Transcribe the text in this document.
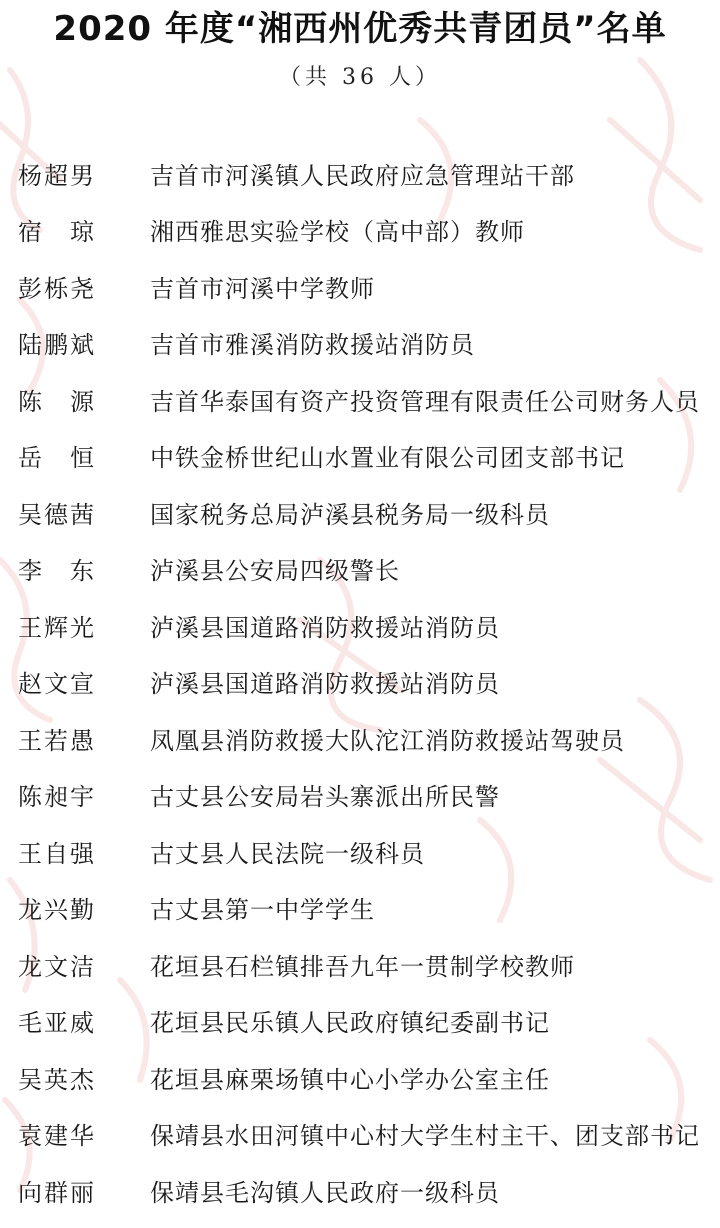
2020 年度“湘西州优秀共青团员”名单
（共 36 人）
杨超男	吉首市河溪镇人民政府应急管理站干部
宿　琼	湘西雅思实验学校（高中部）教师
彭栎尧	吉首市河溪中学教师
陆鹏斌	吉首市雅溪消防救援站消防员
陈　源	吉首华泰国有资产投资管理有限责任公司财务人员
岳　恒	中铁金桥世纪山水置业有限公司团支部书记
吴德茜	国家税务总局泸溪县税务局一级科员
李　东	泸溪县公安局四级警长
王辉光	泸溪县国道路消防救援站消防员
赵文宣	泸溪县国道路消防救援站消防员
王若愚	凤凰县消防救援大队沱江消防救援站驾驶员
陈昶宇	古丈县公安局岩头寨派出所民警
王自强	古丈县人民法院一级科员
龙兴勤	古丈县第一中学学生
龙文洁	花垣县石栏镇排吾九年一贯制学校教师
毛亚威	花垣县民乐镇人民政府镇纪委副书记
吴英杰	花垣县麻栗场镇中心小学办公室主任
袁建华	保靖县水田河镇中心村大学生村主干、团支部书记
向群丽	保靖县毛沟镇人民政府一级科员
